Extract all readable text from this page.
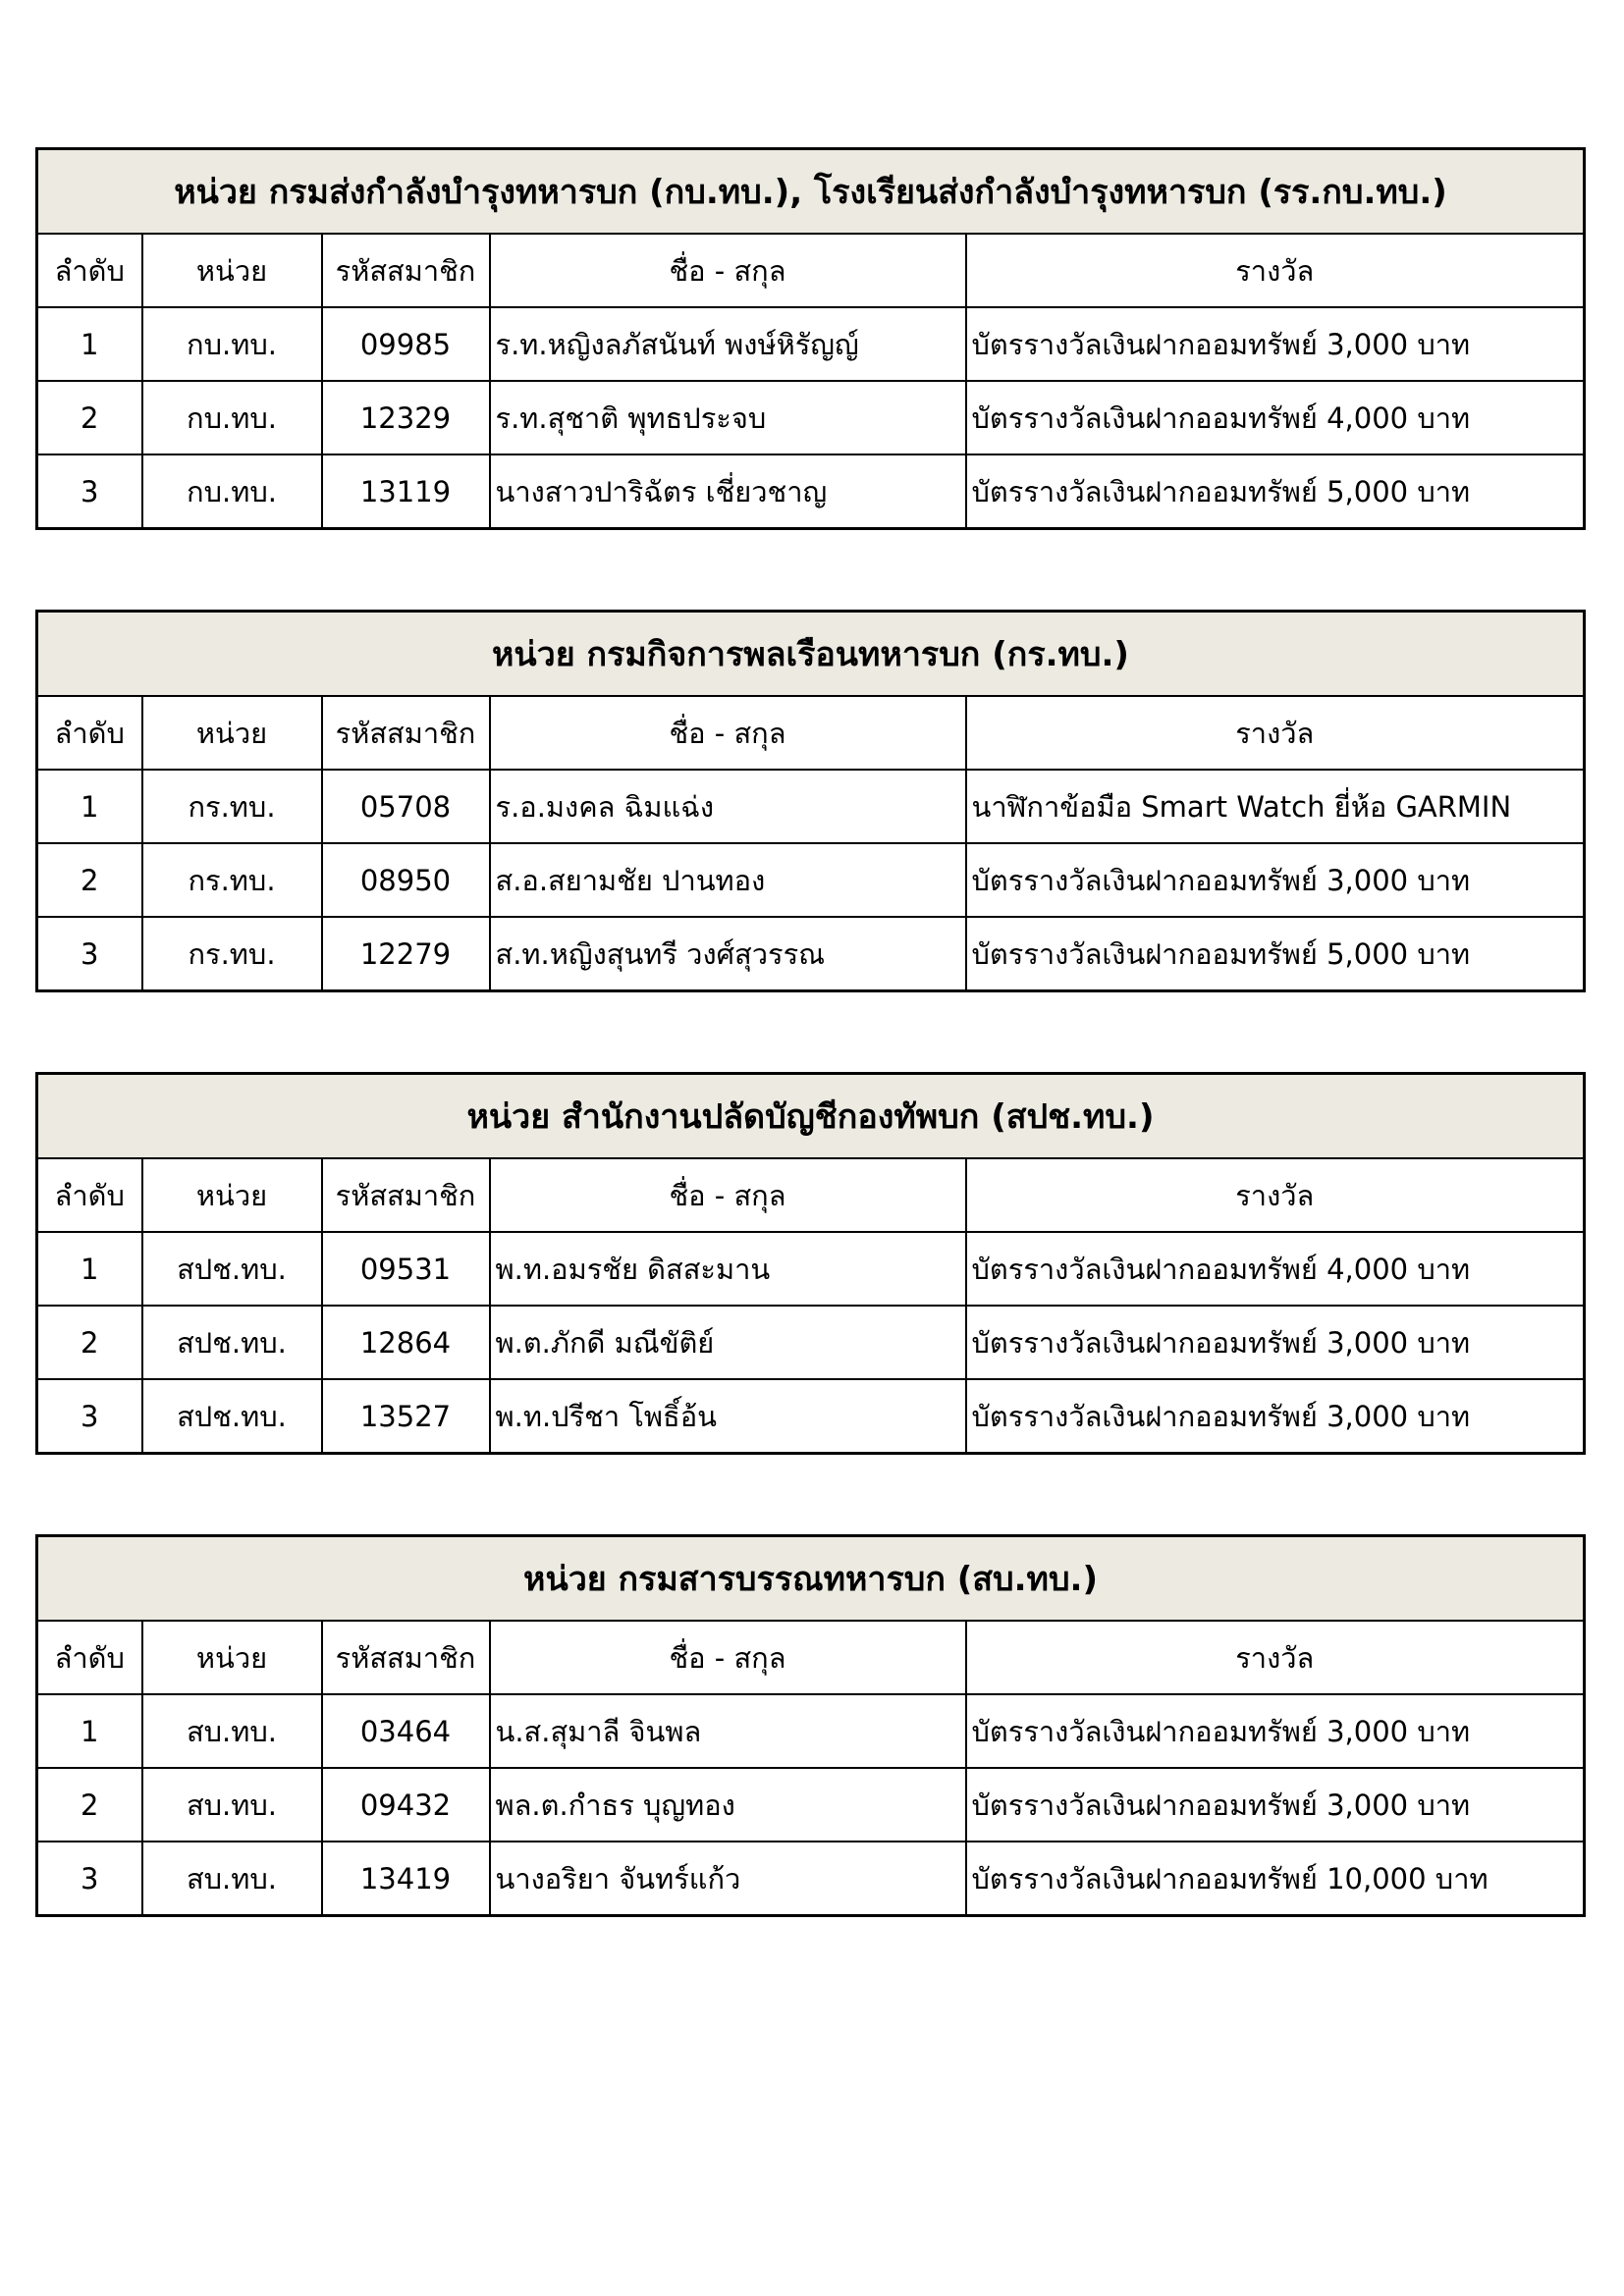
หน่วย กรมส่งกำลังบำรุงทหารบก (กบ.ทบ.), โรงเรียนส่งกำลังบำรุงทหารบก (รร.กบ.ทบ.)				
ลำดับ	หน่วย	รหัสสมาชิก	ชื่อ - สกุล	รางวัล
1	กบ.ทบ.	09985	ร.ท.หญิงลภัสนันท์ พงษ์หิรัญญ์	บัตรรางวัลเงินฝากออมทรัพย์ 3,000 บาท
2	กบ.ทบ.	12329	ร.ท.สุชาติ พุทธประจบ	บัตรรางวัลเงินฝากออมทรัพย์ 4,000 บาท
3	กบ.ทบ.	13119	นางสาวปาริฉัตร เชี่ยวชาญ	บัตรรางวัลเงินฝากออมทรัพย์ 5,000 บาท
หน่วย กรมกิจการพลเรือนทหารบก (กร.ทบ.)				
ลำดับ	หน่วย	รหัสสมาชิก	ชื่อ - สกุล	รางวัล
1	กร.ทบ.	05708	ร.อ.มงคล ฉิมแฉ่ง	นาฬิกาข้อมือ Smart Watch ยี่ห้อ GARMIN
2	กร.ทบ.	08950	ส.อ.สยามชัย ปานทอง	บัตรรางวัลเงินฝากออมทรัพย์ 3,000 บาท
3	กร.ทบ.	12279	ส.ท.หญิงสุนทรี วงศ์สุวรรณ	บัตรรางวัลเงินฝากออมทรัพย์ 5,000 บาท
หน่วย สำนักงานปลัดบัญชีกองทัพบก (สปช.ทบ.)				
ลำดับ	หน่วย	รหัสสมาชิก	ชื่อ - สกุล	รางวัล
1	สปช.ทบ.	09531	พ.ท.อมรชัย ดิสสะมาน	บัตรรางวัลเงินฝากออมทรัพย์ 4,000 บาท
2	สปช.ทบ.	12864	พ.ต.ภักดี มณีขัติย์	บัตรรางวัลเงินฝากออมทรัพย์ 3,000 บาท
3	สปช.ทบ.	13527	พ.ท.ปรีชา โพธิ์อ้น	บัตรรางวัลเงินฝากออมทรัพย์ 3,000 บาท
หน่วย กรมสารบรรณทหารบก (สบ.ทบ.)				
ลำดับ	หน่วย	รหัสสมาชิก	ชื่อ - สกุล	รางวัล
1	สบ.ทบ.	03464	น.ส.สุมาลี จินพล	บัตรรางวัลเงินฝากออมทรัพย์ 3,000 บาท
2	สบ.ทบ.	09432	พล.ต.กำธร บุญทอง	บัตรรางวัลเงินฝากออมทรัพย์ 3,000 บาท
3	สบ.ทบ.	13419	นางอริยา จันทร์แก้ว	บัตรรางวัลเงินฝากออมทรัพย์ 10,000 บาท
